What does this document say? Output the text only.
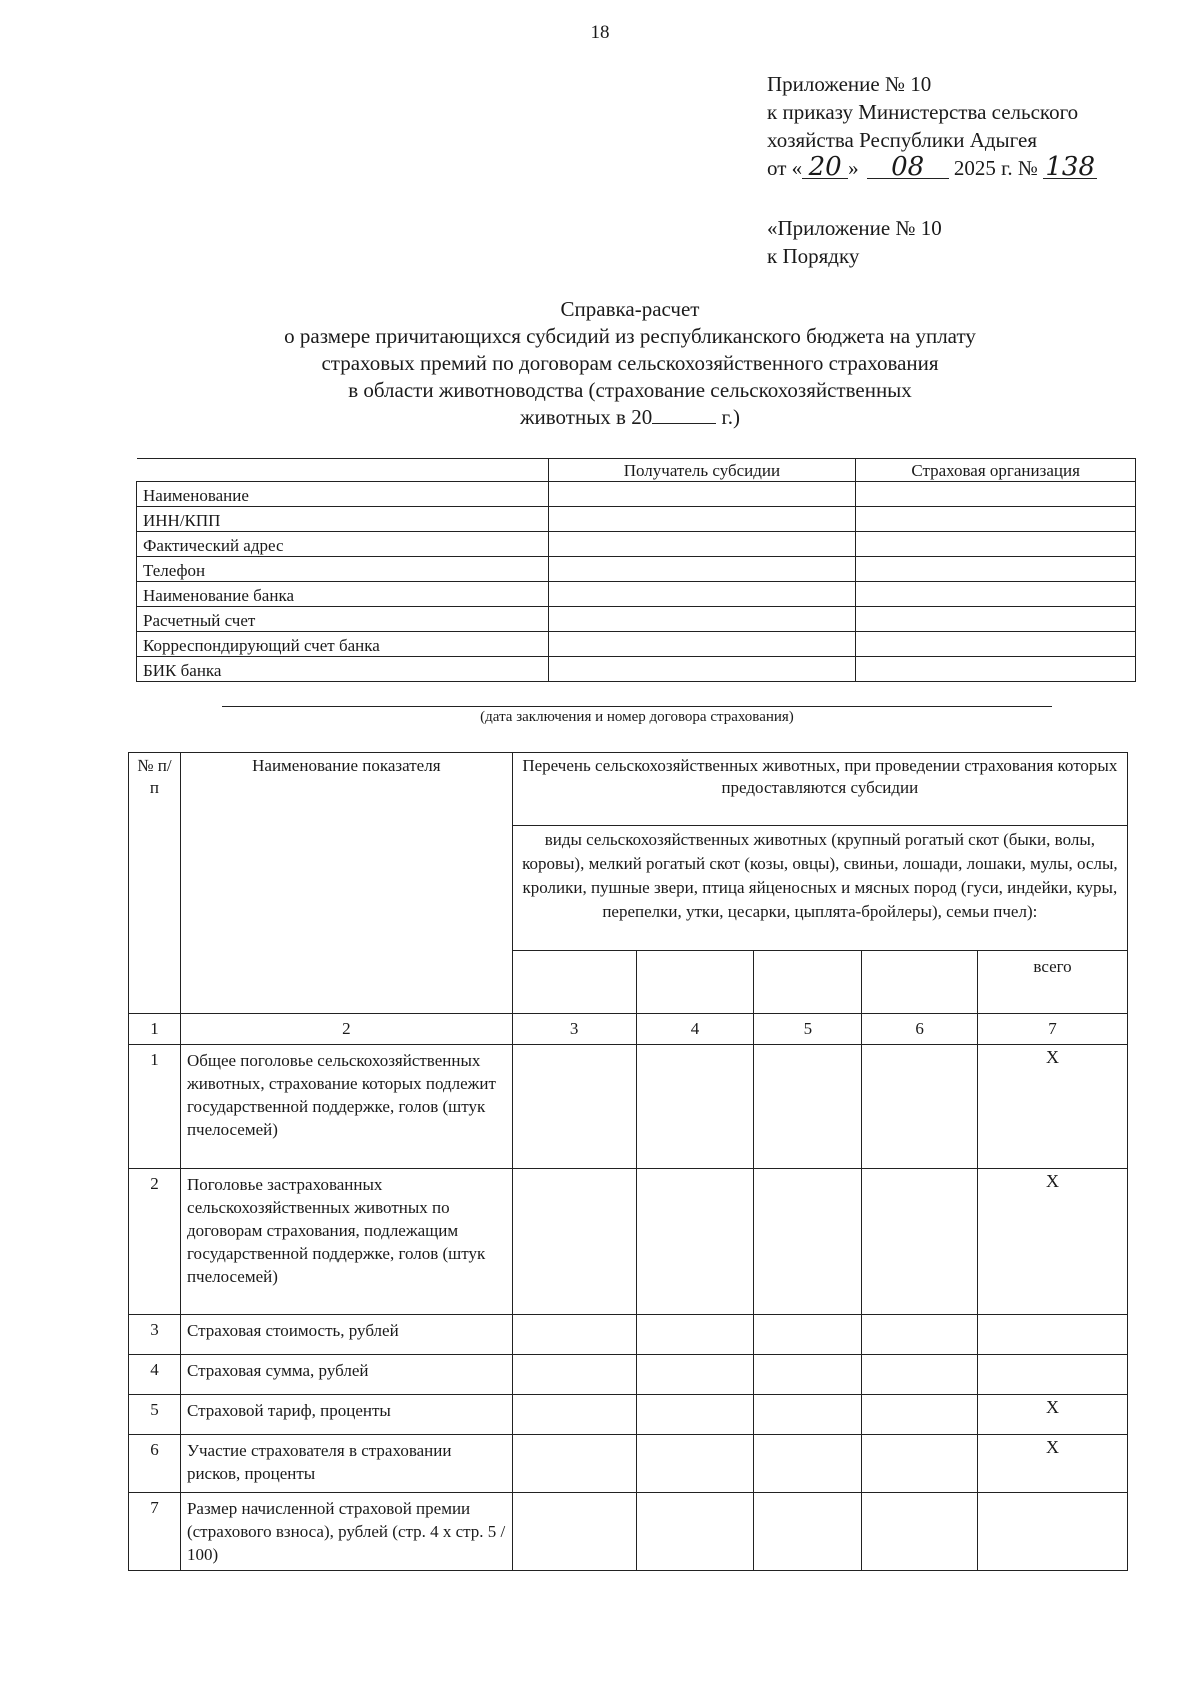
18
Приложение № 10
к приказу Министерства сельского
хозяйства Республики Адыгея
от « 20 » 08 2025 г. № 138
«Приложение № 10
к Порядку
Справка-расчет
о размере причитающихся субсидий из республиканского бюджета на уплату
страховых премий по договорам сельскохозяйственного страхования
в области животноводства (страхование сельскохозяйственных
животных в 20	г.)
	Получатель субсидии	Страховая организация
Наименование		
ИНН/КПП		
Фактический адрес		
Телефон		
Наименование банка		
Расчетный счет		
Корреспондирующий счет банка		
БИК банка		
(дата заключения и номер договора страхования)
№ п/п	Наименование показателя	Перечень сельскохозяйственных животных, при проведении страхования которых предоставляются субсидии				
		виды сельскохозяйственных животных (крупный рогатый скот (быки, волы, коровы), мелкий рогатый скот (козы, овцы), свиньи, лошади, лошаки, мулы, ослы, кролики, пушные звери, птица яйценосных и мясных пород (гуси, индейки, куры, перепелки, утки, цесарки, цыплята-бройлеры), семьи пчел):				
						всего
1	2	3	4	5	6	7
1	Общее поголовье сельскохозяйственных животных, страхование которых подлежит государственной поддержке, голов (штук пчелосемей)					X
2	Поголовье застрахованных сельскохозяйственных животных по договорам страхования, подлежащим государственной поддержке, голов (штук пчелосемей)					X
3	Страховая стоимость, рублей					
4	Страховая сумма, рублей					
5	Страховой тариф, проценты					X
6	Участие страхователя в страховании рисков, проценты					X
7	Размер начисленной страховой премии (страхового взноса), рублей (стр. 4 х стр. 5 / 100)					
